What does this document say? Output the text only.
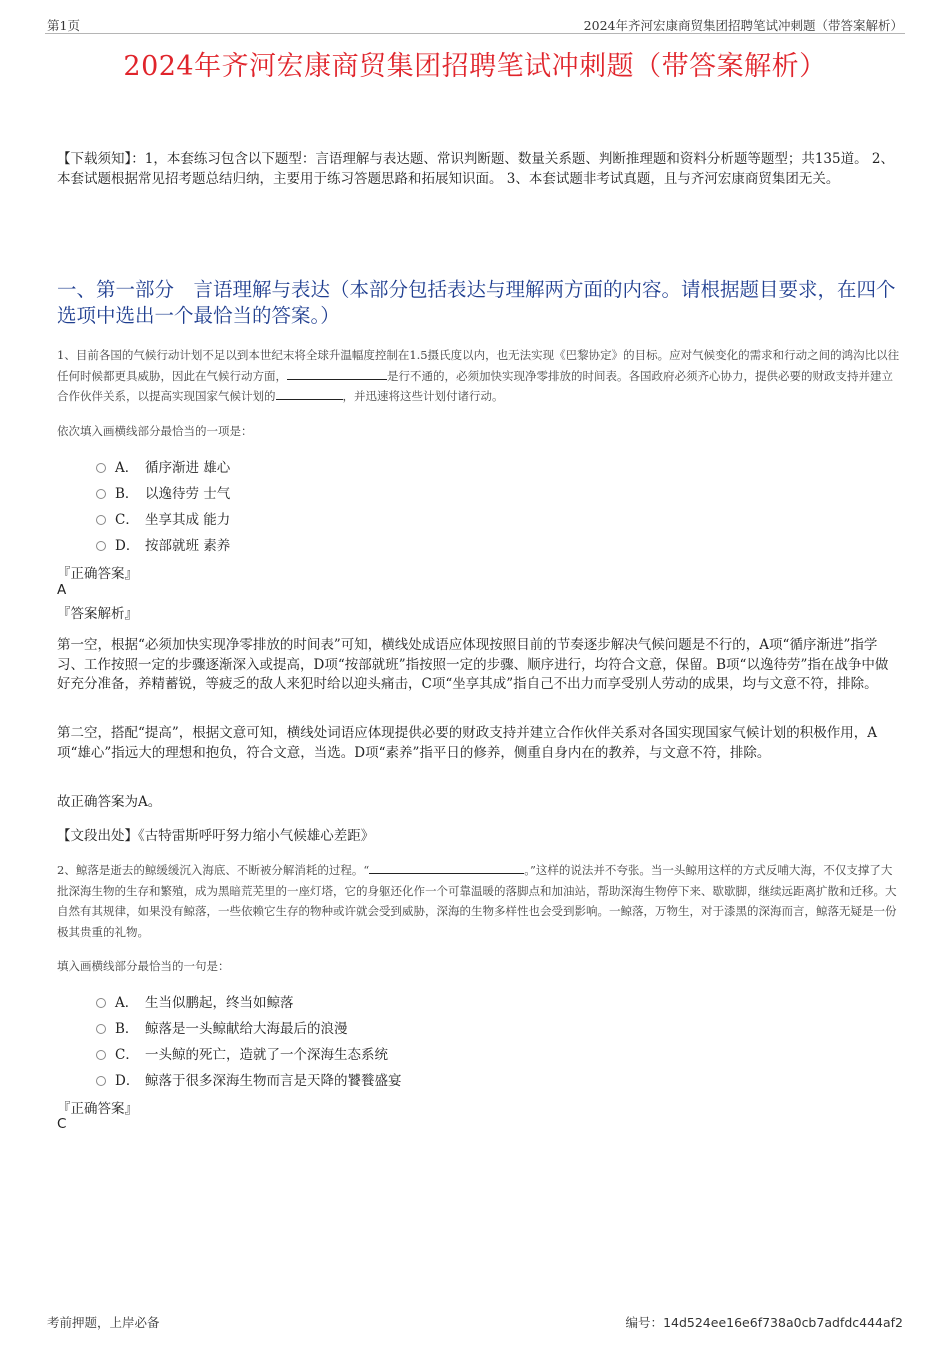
第1页	2024年齐河宏康商贸集团招聘笔试冲刺题（带答案解析）
2024年齐河宏康商贸集团招聘笔试冲刺题（带答案解析）
【下载须知】：1，本套练习包含以下题型：言语理解与表达题、常识判断题、数量关系题、判断推理题和资料分析题等题型；共135道。 2、本套试题根据常见招考题总结归纳，主要用于练习答题思路和拓展知识面。 3、本套试题非考试真题，且与齐河宏康商贸集团无关。
一、第一部分　言语理解与表达（本部分包括表达与理解两方面的内容。请根据题目要求，在四个选项中选出一个最恰当的答案。）
1、目前各国的气候行动计划不足以到本世纪末将全球升温幅度控制在1.5摄氏度以内，也无法实现《巴黎协定》的目标。应对气候变化的需求和行动之间的鸿沟比以往任何时候都更具威胁，因此在气候行动方面，	是行不通的，必须加快实现净零排放的时间表。各国政府必须齐心协力，提供必要的财政支持并建立合作伙伴关系，以提高实现国家气候计划的	，并迅速将这些计划付诸行动。
依次填入画横线部分最恰当的一项是：
A． 循序渐进 雄心
B． 以逸待劳 士气
C． 坐享其成 能力
D． 按部就班 素养
『正确答案』
A
『答案解析』
第一空，根据“必须加快实现净零排放的时间表”可知，横线处成语应体现按照目前的节奏逐步解决气候问题是不行的，A项“循序渐进”指学习、工作按照一定的步骤逐渐深入或提高，D项“按部就班”指按照一定的步骤、顺序进行，均符合文意，保留。B项“以逸待劳”指在战争中做好充分准备，养精蓄锐，等疲乏的敌人来犯时给以迎头痛击，C项“坐享其成”指自己不出力而享受别人劳动的成果，均与文意不符，排除。
第二空，搭配“提高”，根据文意可知，横线处词语应体现提供必要的财政支持并建立合作伙伴关系对各国实现国家气候计划的积极作用，A项“雄心”指远大的理想和抱负，符合文意，当选。D项“素养”指平日的修养，侧重自身内在的教养，与文意不符，排除。
故正确答案为A。
【文段出处】《古特雷斯呼吁努力缩小气候雄心差距》
2、鲸落是逝去的鲸缓缓沉入海底、不断被分解消耗的过程。“	。”这样的说法并不夸张。当一头鲸用这样的方式反哺大海，不仅支撑了大批深海生物的生存和繁殖，成为黑暗荒芜里的一座灯塔，它的身躯还化作一个可靠温暖的落脚点和加油站，帮助深海生物停下来、歇歇脚，继续远距离扩散和迁移。大自然有其规律，如果没有鲸落，一些依赖它生存的物种或许就会受到威胁，深海的生物多样性也会受到影响。一鲸落，万物生，对于漆黑的深海而言，鲸落无疑是一份极其贵重的礼物。
填入画横线部分最恰当的一句是：
A． 生当似鹏起，终当如鲸落
B． 鲸落是一头鲸献给大海最后的浪漫
C． 一头鲸的死亡，造就了一个深海生态系统
D． 鲸落于很多深海生物而言是天降的饕餮盛宴
『正确答案』
C
考前押题，上岸必备	编号：14d524ee16e6f738a0cb7adfdc444af2
